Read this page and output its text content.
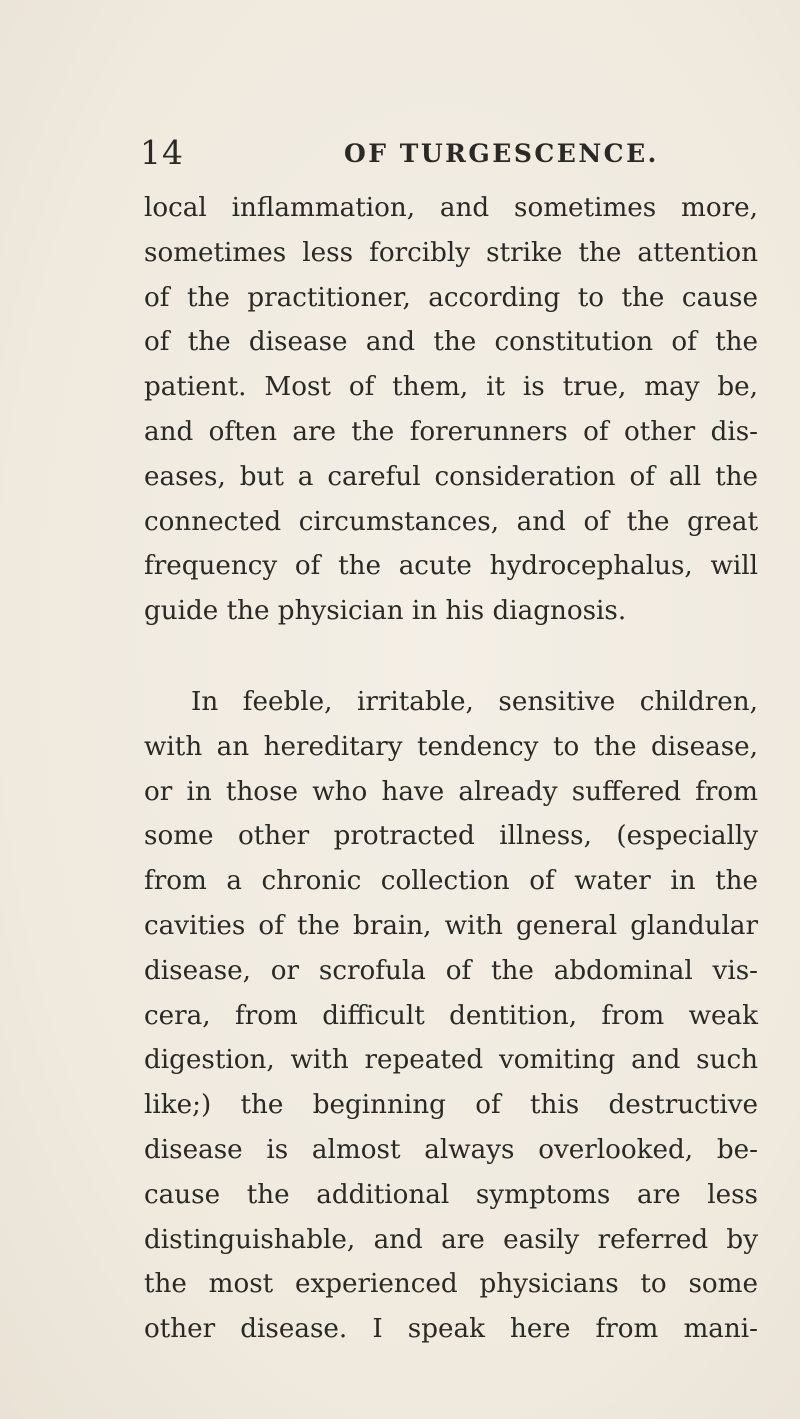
14	OF TURGESCENCE.

local inflammation, and sometimes more,
sometimes less forcibly strike the attention
of the practitioner, according to the cause
of the disease and the constitution of the
patient. Most of them, it is true, may be,
and often are the forerunners of other dis-
eases, but a careful consideration of all the
connected circumstances, and of the great
frequency of the acute hydrocephalus, will
guide the physician in his diagnosis.

In feeble, irritable, sensitive children,
with an hereditary tendency to the disease,
or in those who have already suffered from
some other protracted illness, (especially
from a chronic collection of water in the
cavities of the brain, with general glandular
disease, or scrofula of the abdominal vis-
cera, from difficult dentition, from weak
digestion, with repeated vomiting and such
like;) the beginning of this destructive
disease is almost always overlooked, be-
cause the additional symptoms are less
distinguishable, and are easily referred by
the most experienced physicians to some
other disease. I speak here from mani-
